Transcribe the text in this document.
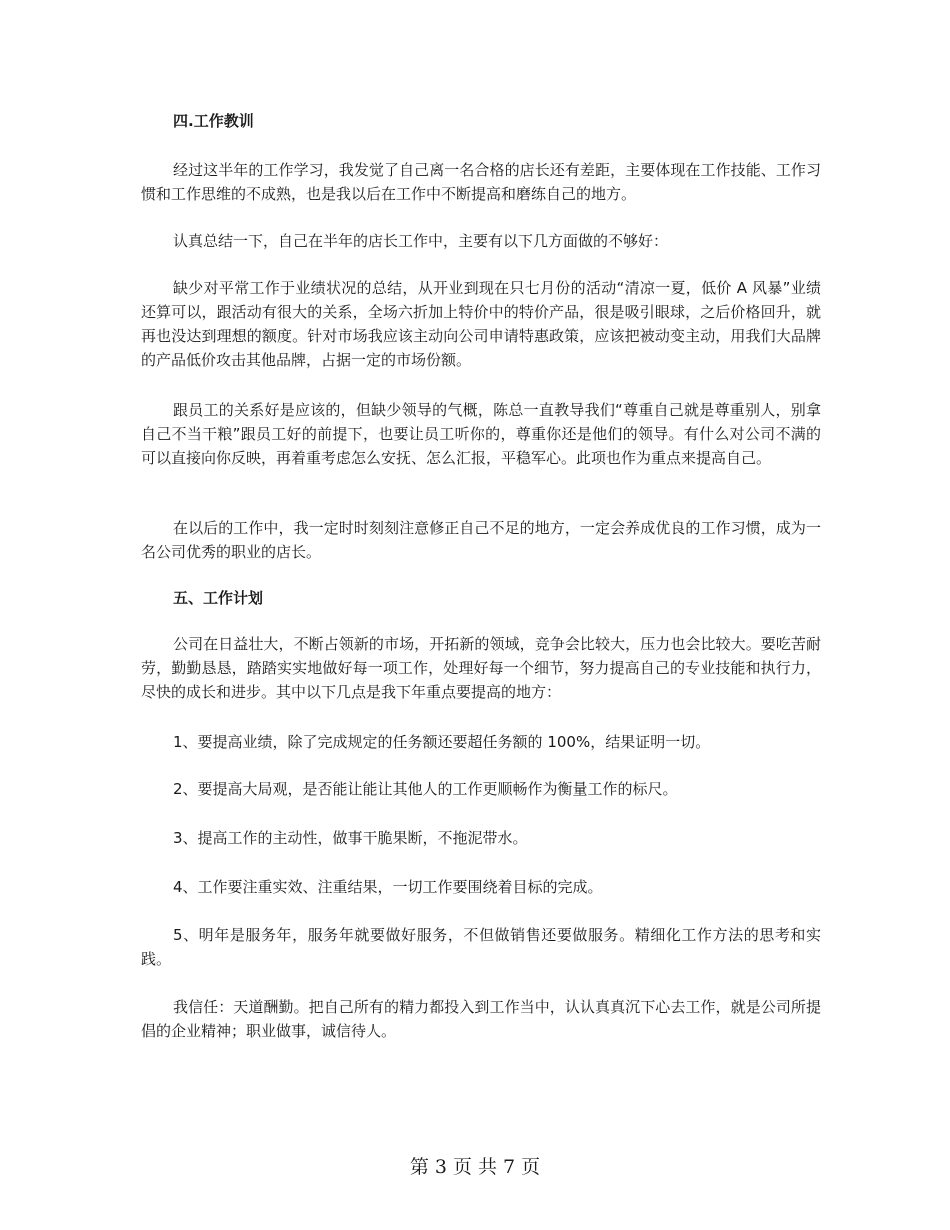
四.工作教训

经过这半年的工作学习，我发觉了自己离一名合格的店长还有差距，主要体现在工作技能、工作习惯和工作思维的不成熟，也是我以后在工作中不断提高和磨练自己的地方。

认真总结一下，自己在半年的店长工作中，主要有以下几方面做的不够好：

缺少对平常工作于业绩状况的总结，从开业到现在只七月份的活动“清凉一夏，低价 A 风暴”业绩还算可以，跟活动有很大的关系，全场六折加上特价中的特价产品，很是吸引眼球，之后价格回升，就再也没达到理想的额度。针对市场我应该主动向公司申请特惠政策，应该把被动变主动，用我们大品牌的产品低价攻击其他品牌，占据一定的市场份额。

跟员工的关系好是应该的，但缺少领导的气概，陈总一直教导我们“尊重自己就是尊重别人，别拿自己不当干粮”跟员工好的前提下，也要让员工听你的，尊重你还是他们的领导。有什么对公司不满的可以直接向你反映，再着重考虑怎么安抚、怎么汇报，平稳军心。此项也作为重点来提高自己。

在以后的工作中，我一定时时刻刻注意修正自己不足的地方，一定会养成优良的工作习惯，成为一名公司优秀的职业的店长。

五、工作计划

公司在日益壮大，不断占领新的市场，开拓新的领域，竞争会比较大，压力也会比较大。要吃苦耐劳，勤勤恳恳，踏踏实实地做好每一项工作，处理好每一个细节，努力提高自己的专业技能和执行力，尽快的成长和进步。其中以下几点是我下年重点要提高的地方：

1、要提高业绩，除了完成规定的任务额还要超任务额的 100%，结果证明一切。

2、要提高大局观，是否能让能让其他人的工作更顺畅作为衡量工作的标尺。

3、提高工作的主动性，做事干脆果断，不拖泥带水。

4、工作要注重实效、注重结果，一切工作要围绕着目标的完成。

5、明年是服务年，服务年就要做好服务，不但做销售还要做服务。精细化工作方法的思考和实践。

我信任：天道酬勤。把自己所有的精力都投入到工作当中，认认真真沉下心去工作，就是公司所提倡的企业精神；职业做事，诚信待人。

第 3 页 共 7 页
